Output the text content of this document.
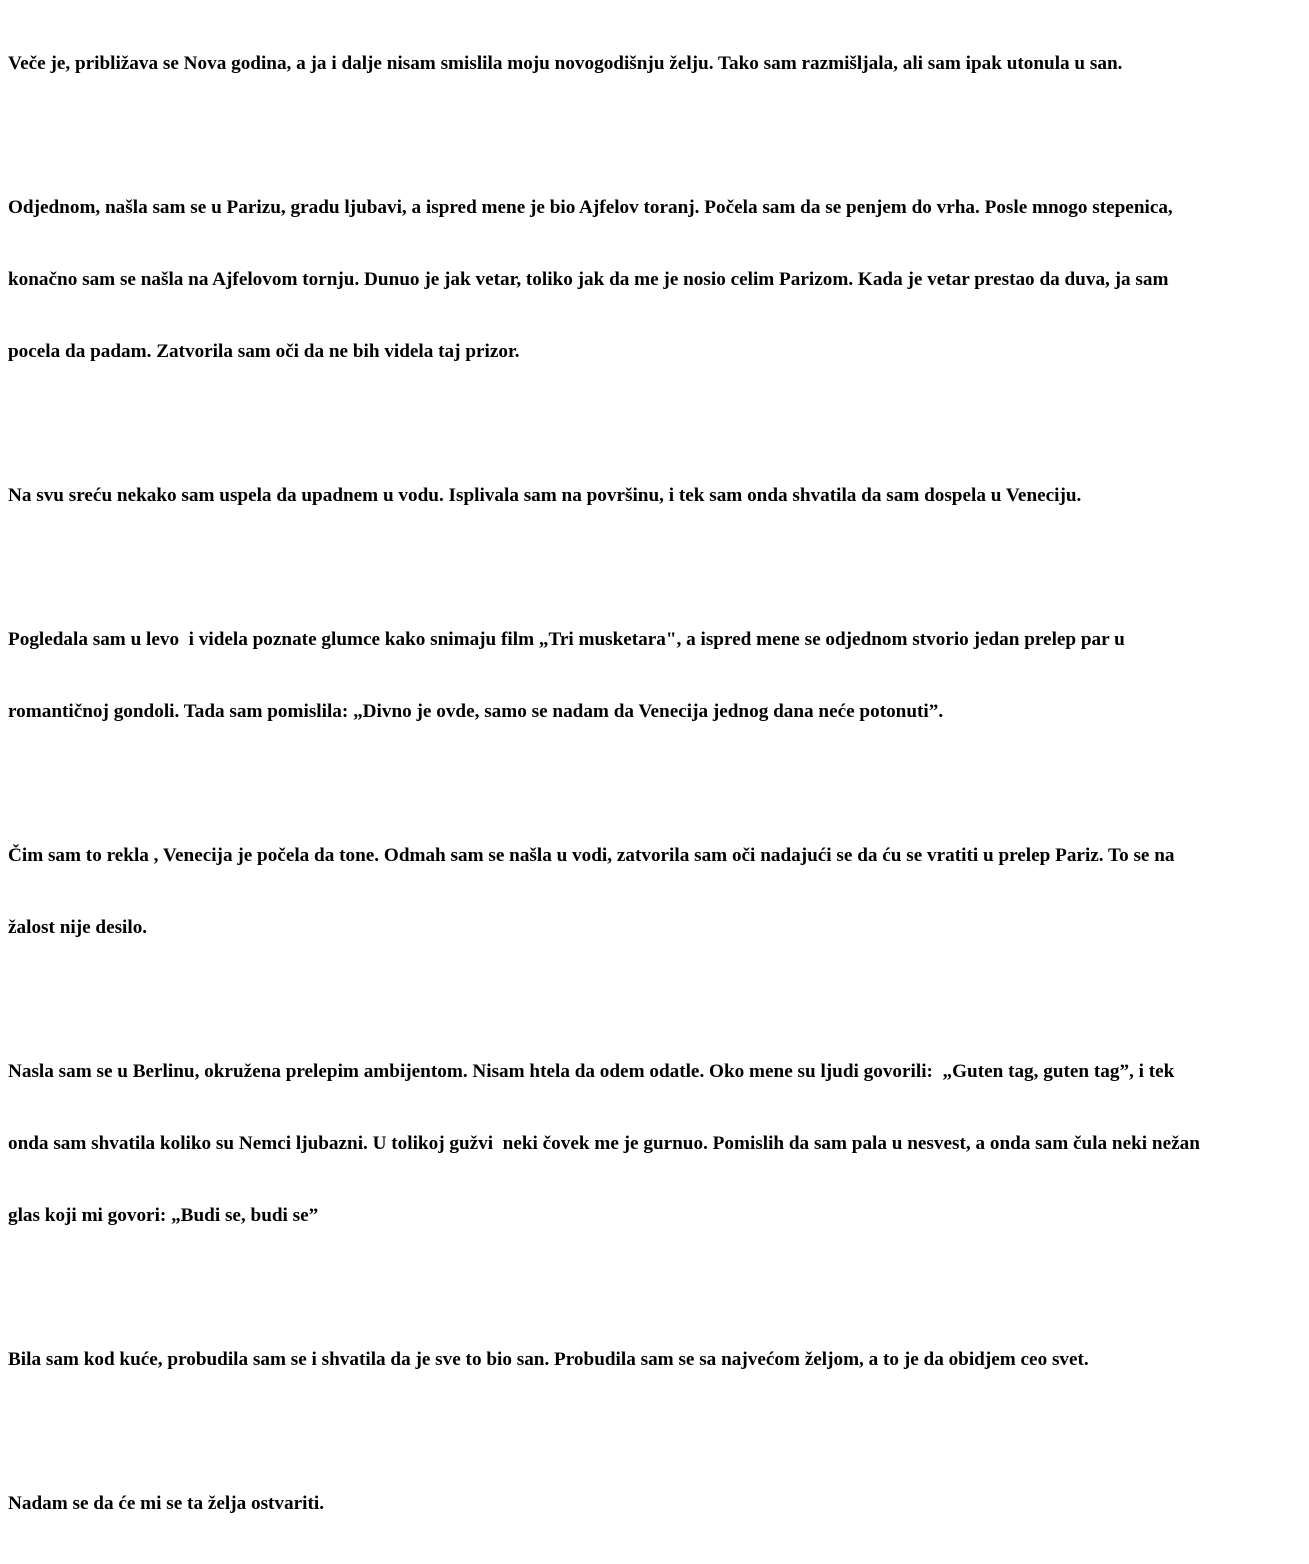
Veče je, približava se Nova godina, a ja i dalje nisam smislila moju novogodišnju želju. Tako sam razmišljala, ali sam ipak utonula u san.

Odjednom, našla sam se u Parizu, gradu ljubavi, a ispred mene je bio Ajfelov toranj. Počela sam da se penjem do vrha. Posle mnogo stepenica,

konačno sam se našla na Ajfelovom tornju. Dunuo je jak vetar, toliko jak da me je nosio celim Parizom. Kada je vetar prestao da duva, ja sam

pocela da padam. Zatvorila sam oči da ne bih videla taj prizor.

Na svu sreću nekako sam uspela da upadnem u vodu. Isplivala sam na površinu, i tek sam onda shvatila da sam dospela u Veneciju.

Pogledala sam u levo  i videla poznate glumce kako snimaju film „Tri musketara", a ispred mene se odjednom stvorio jedan prelep par u

romantičnoj gondoli. Tada sam pomislila: „Divno je ovde, samo se nadam da Venecija jednog dana neće potonuti”.

Čim sam to rekla , Venecija je počela da tone. Odmah sam se našla u vodi, zatvorila sam oči nadajući se da ću se vratiti u prelep Pariz. To se na

žalost nije desilo.

Nasla sam se u Berlinu, okružena prelepim ambijentom. Nisam htela da odem odatle. Oko mene su ljudi govorili:  „Guten tag, guten tag”, i tek

onda sam shvatila koliko su Nemci ljubazni. U tolikoj gužvi  neki čovek me je gurnuo. Pomislih da sam pala u nesvest, a onda sam čula neki nežan

glas koji mi govori: „Budi se, budi se”

Bila sam kod kuće, probudila sam se i shvatila da je sve to bio san. Probudila sam se sa najvećom željom, a to je da obidjem ceo svet.

Nadam se da će mi se ta želja ostvariti.
